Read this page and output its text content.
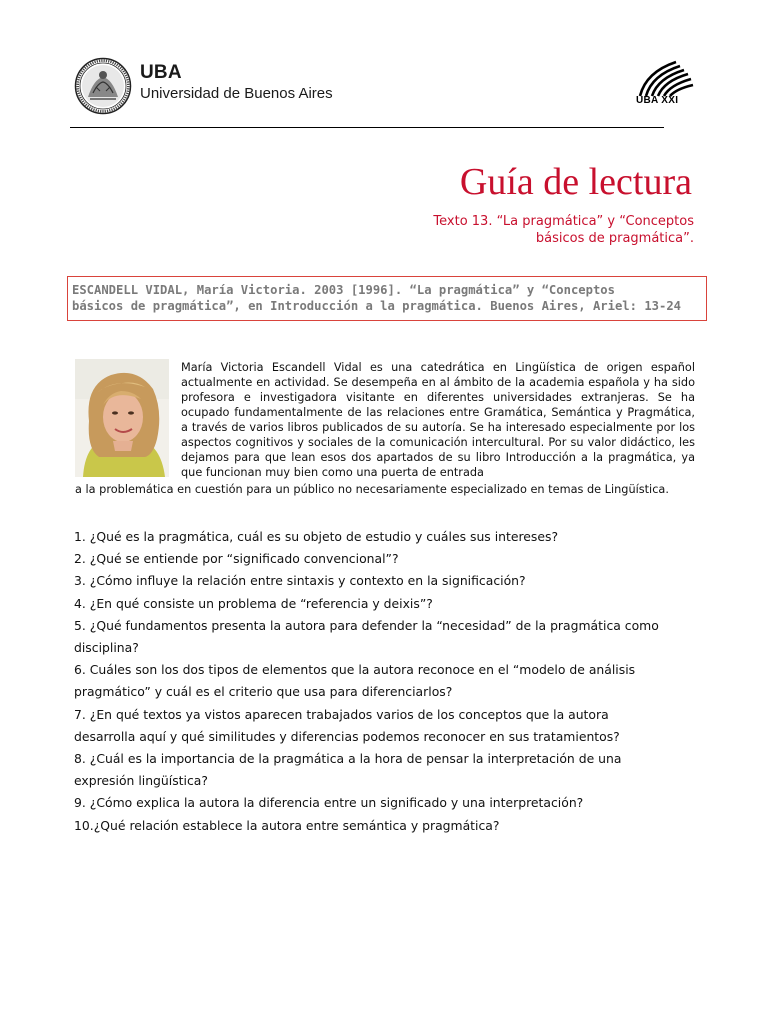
UBA
Universidad de Buenos Aires	UBA XXI
Guía de lectura
Texto 13. “La pragmática” y “Conceptos
básicos de pragmática”.
ESCANDELL VIDAL, María Victoria. 2003 [1996]. “La pragmática” y “Conceptos
básicos de pragmática”, en Introducción a la pragmática. Buenos Aires, Ariel: 13-24
María Victoria Escandell Vidal es una catedrática en Lingüística de origen español actualmente en actividad. Se desempeña en al ámbito de la academia española y ha sido profesora e investigadora visitante en diferentes universidades extranjeras. Se ha ocupado fundamentalmente de las relaciones entre Gramática, Semántica y Pragmática, a través de varios libros publicados de su autoría. Se ha interesado especialmente por los aspectos cognitivos y sociales de la comunicación intercultural. Por su valor didáctico, les dejamos para que lean esos dos apartados de su libro Introducción a la pragmática, ya que funcionan muy bien como una puerta de entrada
a la problemática en cuestión para un público no necesariamente especializado en temas de Lingüística.
1. ¿Qué es la pragmática, cuál es su objeto de estudio y cuáles sus intereses?
2. ¿Qué se entiende por “significado convencional”?
3. ¿Cómo influye la relación entre sintaxis y contexto en la significación?
4. ¿En qué consiste un problema de “referencia y deixis”?
5. ¿Qué fundamentos presenta la autora para defender la “necesidad” de la pragmática como
disciplina?
6. Cuáles son los dos tipos de elementos que la autora reconoce en el “modelo de análisis
pragmático” y cuál es el criterio que usa para diferenciarlos?
7. ¿En qué textos ya vistos aparecen trabajados varios de los conceptos que la autora
desarrolla aquí y qué similitudes y diferencias podemos reconocer en sus tratamientos?
8. ¿Cuál es la importancia de la pragmática a la hora de pensar la interpretación de una
expresión lingüística?
9. ¿Cómo explica la autora la diferencia entre un significado y una interpretación?
10.¿Qué relación establece la autora entre semántica y pragmática?
